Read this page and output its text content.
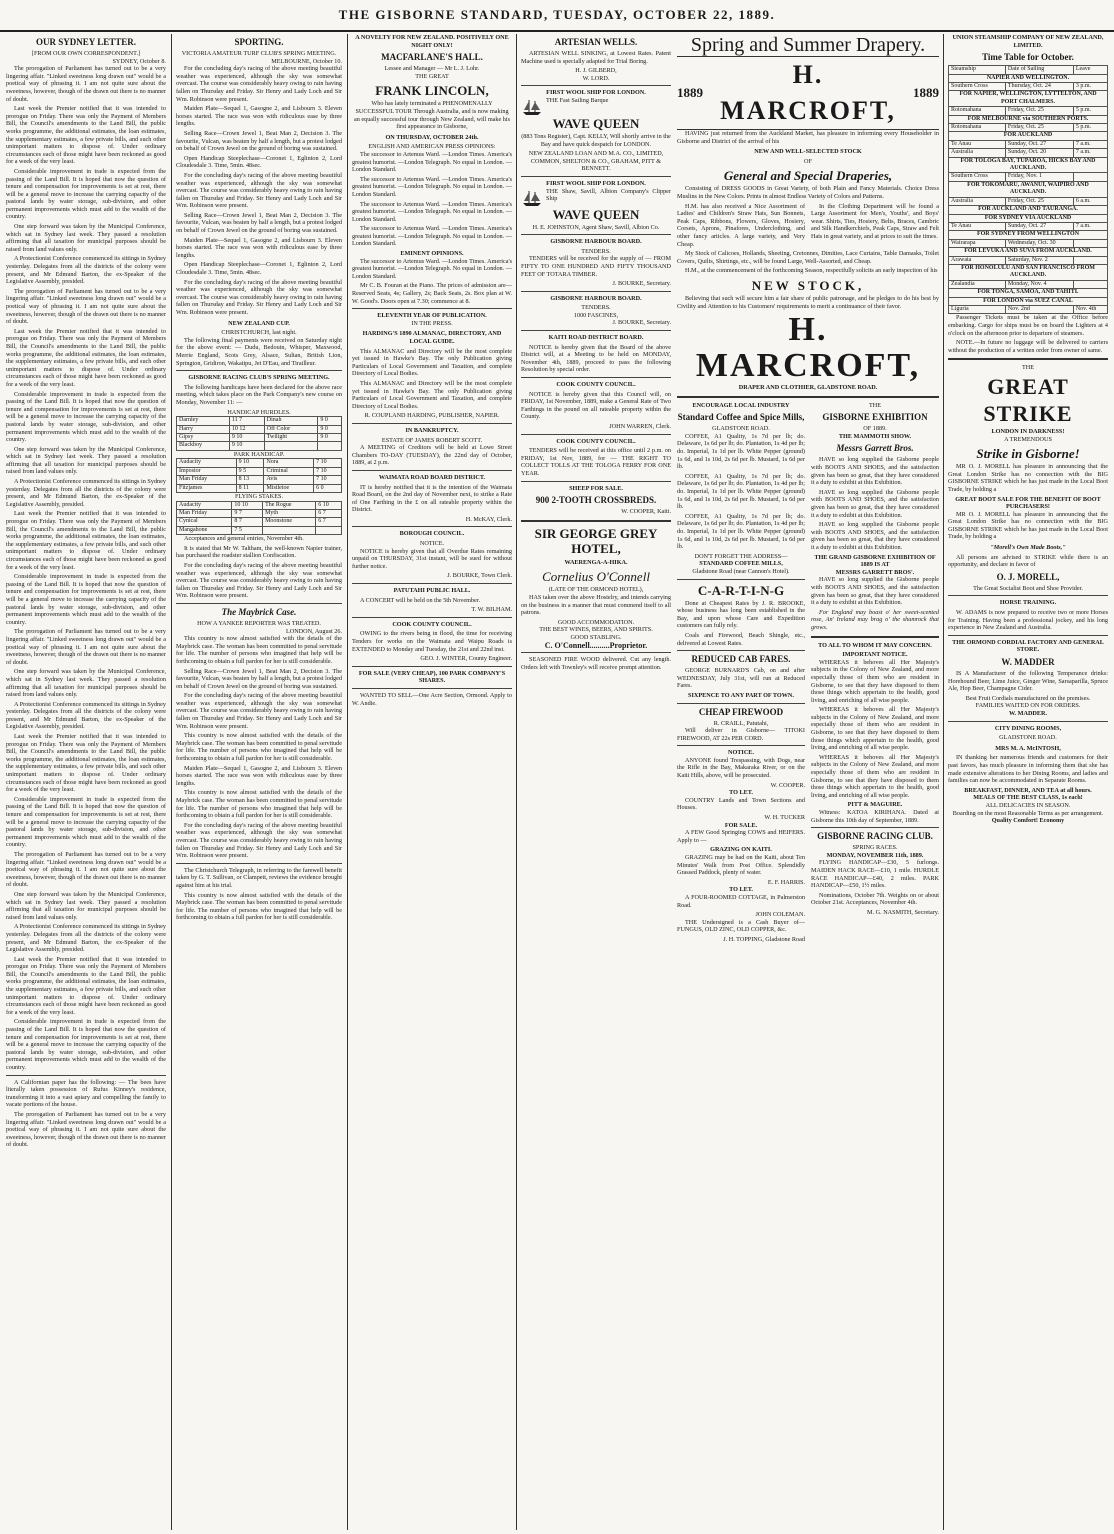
THE GISBORNE STANDARD, TUESDAY, OCTOBER 22, 1889.
OUR SYDNEY LETTER.
[FROM OUR OWN CORRESPONDENT.]
SYDNEY, October 8.

The prorogation of Parliament has turned out to be a very lingering affair. "Linked sweetness long drawn out" would be a poetical way of phrasing it. I am not quite sure about the sweetness, however, though of the drawn out there is no manner of doubt.

Last week the Premier notified that it was intended to prorogue on Friday. There was only the Payment of Members Bill, the Council's amendments to the Land Bill, the public works programme, the additional estimates, the loan estimates, the supplementary estimates, a few private bills, and such other unimportant matters to dispose of. Under ordinary circumstances each of those might have been reckoned as good for a week of the very least.

Considerable improvement in trade is expected from the passing of the Land Bill. It is hoped that now the question of tenure and compensation for improvements is set at rest, there will be a general move to increase the carrying capacity of the pastoral lands by water storage, sub-division, and other permanent improvements which must add to the wealth of the country.

One step forward was taken by the Municipal Conference, which sat in Sydney last week. They passed a resolution affirming that all taxation for municipal purposes should be raised from land values only.

A Protectionist Conference commenced its sittings in Sydney yesterday. Delegates from all the districts of the colony were present, and Mr Edmund Barton, the ex-Speaker of the Legislative Assembly, presided.

The prorogation of Parliament has turned out to be a very lingering affair. "Linked sweetness long drawn out" would be a poetical way of phrasing it. I am not quite sure about the sweetness, however, though of the drawn out there is no manner of doubt.

Last week the Premier notified that it was intended to prorogue on Friday. There was only the Payment of Members Bill, the Council's amendments to the Land Bill, the public works programme, the additional estimates, the loan estimates, the supplementary estimates, a few private bills, and such other unimportant matters to dispose of. Under ordinary circumstances each of those might have been reckoned as good for a week of the very least.

Considerable improvement in trade is expected from the passing of the Land Bill. It is hoped that now the question of tenure and compensation for improvements is set at rest, there will be a general move to increase the carrying capacity of the pastoral lands by water storage, sub-division, and other permanent improvements which must add to the wealth of the country.

One step forward was taken by the Municipal Conference, which sat in Sydney last week. They passed a resolution affirming that all taxation for municipal purposes should be raised from land values only.

A Protectionist Conference commenced its sittings in Sydney yesterday. Delegates from all the districts of the colony were present, and Mr Edmund Barton, the ex-Speaker of the Legislative Assembly, presided.

Last week the Premier notified that it was intended to prorogue on Friday. There was only the Payment of Members Bill, the Council's amendments to the Land Bill, the public works programme, the additional estimates, the loan estimates, the supplementary estimates, a few private bills, and such other unimportant matters to dispose of. Under ordinary circumstances each of those might have been reckoned as good for a week of the very least.

Considerable improvement in trade is expected from the passing of the Land Bill. It is hoped that now the question of tenure and compensation for improvements is set at rest, there will be a general move to increase the carrying capacity of the pastoral lands by water storage, sub-division, and other permanent improvements which must add to the wealth of the country.

The prorogation of Parliament has turned out to be a very lingering affair. "Linked sweetness long drawn out" would be a poetical way of phrasing it. I am not quite sure about the sweetness, however, though of the drawn out there is no manner of doubt.

One step forward was taken by the Municipal Conference, which sat in Sydney last week. They passed a resolution affirming that all taxation for municipal purposes should be raised from land values only.

A Protectionist Conference commenced its sittings in Sydney yesterday. Delegates from all the districts of the colony were present, and Mr Edmund Barton, the ex-Speaker of the Legislative Assembly, presided.

Last week the Premier notified that it was intended to prorogue on Friday. There was only the Payment of Members Bill, the Council's amendments to the Land Bill, the public works programme, the additional estimates, the loan estimates, the supplementary estimates, a few private bills, and such other unimportant matters to dispose of. Under ordinary circumstances each of those might have been reckoned as good for a week of the very least.

Considerable improvement in trade is expected from the passing of the Land Bill. It is hoped that now the question of tenure and compensation for improvements is set at rest, there will be a general move to increase the carrying capacity of the pastoral lands by water storage, sub-division, and other permanent improvements which must add to the wealth of the country.

The prorogation of Parliament has turned out to be a very lingering affair. "Linked sweetness long drawn out" would be a poetical way of phrasing it. I am not quite sure about the sweetness, however, though of the drawn out there is no manner of doubt.

One step forward was taken by the Municipal Conference, which sat in Sydney last week. They passed a resolution affirming that all taxation for municipal purposes should be raised from land values only.

A Protectionist Conference commenced its sittings in Sydney yesterday. Delegates from all the districts of the colony were present, and Mr Edmund Barton, the ex-Speaker of the Legislative Assembly, presided.

Last week the Premier notified that it was intended to prorogue on Friday. There was only the Payment of Members Bill, the Council's amendments to the Land Bill, the public works programme, the additional estimates, the loan estimates, the supplementary estimates, a few private bills, and such other unimportant matters to dispose of. Under ordinary circumstances each of those might have been reckoned as good for a week of the very least.

Considerable improvement in trade is expected from the passing of the Land Bill. It is hoped that now the question of tenure and compensation for improvements is set at rest, there will be a general move to increase the carrying capacity of the pastoral lands by water storage, sub-division, and other permanent improvements which must add to the wealth of the country.

A Californian paper has the following: — The bees have literally taken possession of Rufus Kinney's residence, transforming it into a vast apiary and compelling the family to vacate portions of the house.

The prorogation of Parliament has turned out to be a very lingering affair. "Linked sweetness long drawn out" would be a poetical way of phrasing it. I am not quite sure about the sweetness, however, though of the drawn out there is no manner of doubt.

SPORTING.
VICTORIA AMATEUR TURF CLUB'S SPRING MEETING.
MELBOURNE, October 10.

For the concluding day's racing of the above meeting beautiful weather was experienced, although the sky was somewhat overcast. The course was considerably heavy owing to rain having fallen on Thursday and Friday. Sir Henry and Lady Loch and Sir Wm. Robinson were present.

Maiden Plate—Sequel 1, Gasogne 2, and Lisbourn 3. Eleven horses started. The race was won with ridiculous ease by three lengths.

Selling Race—Crown Jewel 1, Beat Man 2, Decision 3. The favourite, Vulcan, was beaten by half a length, but a protest lodged on behalf of Crown Jewel on the ground of boring was sustained.

Open Handicap Steeplechase—Coronet 1, Eglinton 2, Lord Cloudesdale 3. Time, 5min. 48sec.

For the concluding day's racing of the above meeting beautiful weather was experienced, although the sky was somewhat overcast. The course was considerably heavy owing to rain having fallen on Thursday and Friday. Sir Henry and Lady Loch and Sir Wm. Robinson were present.

Selling Race—Crown Jewel 1, Beat Man 2, Decision 3. The favourite, Vulcan, was beaten by half a length, but a protest lodged on behalf of Crown Jewel on the ground of boring was sustained.

Maiden Plate—Sequel 1, Gasogne 2, and Lisbourn 3. Eleven horses started. The race was won with ridiculous ease by three lengths.

Open Handicap Steeplechase—Coronet 1, Eglinton 2, Lord Cloudesdale 3. Time, 5min. 48sec.

For the concluding day's racing of the above meeting beautiful weather was experienced, although the sky was somewhat overcast. The course was considerably heavy owing to rain having fallen on Thursday and Friday. Sir Henry and Lady Loch and Sir Wm. Robinson were present.

NEW ZEALAND CUP.
CHRISTCHURCH, last night.

The following final payments were received on Saturday night for the above event: — Dudu, Bedouin, Whisper, Maxwood, Merrie England, Scots Grey, Alsace, Sultan, British Lion, Springton, Gridiron, Wakatipu, Jet D'Eau, and Tirailleur.

GISBORNE RACING CLUB'S SPRING MEETING.

The following handicaps have been declared for the above race meeting, which takes place on the Park Company's new course on Monday, November 11: —

HANDICAP HURDLES.
Darnley	11 7	Dinah	9 0
Harry	10 12	Off Color	9 0
Gipsy	9 10	Twilight	9 0
Blackboy	9 10		
PARK HANDICAP.
Audacity	9 10	Nora	7 10
Impostor	9 5	Criminal	7 10
Man Friday	8 13	Avis	7 10
Fitzjames	8 11	Mistletoe	6 0
FLYING STAKES.
Audacity	10 10	The Rogue	6 10
Man Friday	9 7	Myth	6 7
Cynical	8 7	Moonstone	6 7
Mangahone	7 5		

Acceptances and general entries, November 4th.

It is stated that Mr W. Taltham, the well-known Napier trainer, has purchased the roadster stallion Confiscation.

For the concluding day's racing of the above meeting beautiful weather was experienced, although the sky was somewhat overcast. The course was considerably heavy owing to rain having fallen on Thursday and Friday. Sir Henry and Lady Loch and Sir Wm. Robinson were present.

The Maybrick Case.
HOW A YANKEE REPORTER WAS TREATED.
LONDON, August 26.

This country is now almost satisfied with the details of the Maybrick case. The woman has been committed to penal servitude for life. The number of persons who imagined that help will be forthcoming to obtain a full pardon for her is still considerable.

Selling Race—Crown Jewel 1, Beat Man 2, Decision 3. The favourite, Vulcan, was beaten by half a length, but a protest lodged on behalf of Crown Jewel on the ground of boring was sustained.

For the concluding day's racing of the above meeting beautiful weather was experienced, although the sky was somewhat overcast. The course was considerably heavy owing to rain having fallen on Thursday and Friday. Sir Henry and Lady Loch and Sir Wm. Robinson were present.

This country is now almost satisfied with the details of the Maybrick case. The woman has been committed to penal servitude for life. The number of persons who imagined that help will be forthcoming to obtain a full pardon for her is still considerable.

Maiden Plate—Sequel 1, Gasogne 2, and Lisbourn 3. Eleven horses started. The race was won with ridiculous ease by three lengths.

This country is now almost satisfied with the details of the Maybrick case. The woman has been committed to penal servitude for life. The number of persons who imagined that help will be forthcoming to obtain a full pardon for her is still considerable.

For the concluding day's racing of the above meeting beautiful weather was experienced, although the sky was somewhat overcast. The course was considerably heavy owing to rain having fallen on Thursday and Friday. Sir Henry and Lady Loch and Sir Wm. Robinson were present.

The Christchurch Telegraph, in referring to the farewell benefit taken by G. T. Sullivan, or Clampett, reviews the evidence brought against him at his trial.

This country is now almost satisfied with the details of the Maybrick case. The woman has been committed to penal servitude for life. The number of persons who imagined that help will be forthcoming to obtain a full pardon for her is still considerable.

A NOVELTY FOR NEW ZEALAND. POSITIVELY ONE NIGHT ONLY!
MACFARLANE'S HALL.
Lessee and Manager — Mr L. J. Lohr.
THE GREAT
FRANK LINCOLN,

Who has lately terminated a PHENOMENALLY SUCCESSFUL TOUR Through Australia, and is now making an equally successful tour through New Zealand, will make his first appearance in Gisborne,

ON THURSDAY, OCTOBER 24th.
ENGLISH AND AMERICAN PRESS OPINIONS:

The successor to Artemus Ward. —London Times. America's greatest humorist. —London Telegraph. No equal in London. —London Standard.

The successor to Artemus Ward. —London Times. America's greatest humorist. —London Telegraph. No equal in London. —London Standard.

The successor to Artemus Ward. —London Times. America's greatest humorist. —London Telegraph. No equal in London. —London Standard.

The successor to Artemus Ward. —London Times. America's greatest humorist. —London Telegraph. No equal in London. —London Standard.

EMINENT OPINIONS.

The successor to Artemus Ward. —London Times. America's greatest humorist. —London Telegraph. No equal in London. —London Standard.

Mr C. B. Fouran at the Piano. The prices of admission are—Reserved Seats, 4s; Gallery, 2s; Back Seats, 2s. Box plan at W. W. Good's. Doors open at 7.30; commence at 8.

ELEVENTH YEAR OF PUBLICATION.
IN THE PRESS.
HARDING'S 1890 ALMANAC, DIRECTORY, AND LOCAL GUIDE.

This ALMANAC and Directory will be the most complete yet issued in Hawke's Bay. The only Publication giving Particulars of Local Government and Taxation, and complete Directory of Local Bodies.

This ALMANAC and Directory will be the most complete yet issued in Hawke's Bay. The only Publication giving Particulars of Local Government and Taxation, and complete Directory of Local Bodies.

R. COUPLAND HARDING, PUBLISHER, NAPIER.
IN BANKRUPTCY.
ESTATE OF JAMES ROBERT SCOTT.

A MEETING of Creditors will be held at Lowe Street Chambers TO-DAY (TUESDAY), the 22nd day of October, 1889, at 2 p.m.

WAIMATA ROAD BOARD DISTRICT.

IT is hereby notified that it is the intention of the Waimata Road Board, on the 2nd day of November next, to strike a Rate of One Farthing in the £ on all rateable property within the District.

H. McKAY, Clerk.
BOROUGH COUNCIL.
NOTICE.

NOTICE is hereby given that all Overdue Rates remaining unpaid on THURSDAY, 31st instant, will be sued for without further notice.

J. BOURKE, Town Clerk.
PATUTAHI PUBLIC HALL.

A CONCERT will be held on the 5th November.

T. W. BILHAM.
COOK COUNTY COUNCIL.

OWING to the rivers being in flood, the time for receiving Tenders for works on the Waimata and Waipu Roads is EXTENDED to Monday and Tuesday, the 21st and 22nd inst.

GEO. J. WINTER, County Engineer.
FOR SALE (VERY CHEAP), 100 PARK COMPANY'S SHARES.

WANTED TO SELL—One Acre Section, Ormond. Apply to W. Andie.

ARTESIAN WELLS.

ARTESIAN WELL SINKING, at Lowest Rates. Patent Machine used is specially adapted for Trial Boring.

H. J. GILBERD,
W. LORD.
FIRST WOOL SHIP FOR LONDON.
THE Fast Sailing Barque
WAVE QUEEN

(883 Tons Register), Capt. KELLY, Will shortly arrive in the Bay and have quick despatch for LONDON.

NEW ZEALAND LOAN AND M.A. CO., LIMITED, COMMON, SHELTON & CO., GRAHAM, PITT & BENNETT.
FIRST WOOL SHIP FOR LONDON.
THE Shaw, Savill, Albion Company's Clipper Ship
WAVE QUEEN
H. E. JOHNSTON, Agent Shaw, Savill, Albion Co.
GISBORNE HARBOUR BOARD.
TENDERS.

TENDERS will be received for the supply of — FROM FIFTY TO ONE HUNDRED AND FIFTY THOUSAND FEET OF TOTARA TIMBER.

J. BOURKE, Secretary.
GISBORNE HARBOUR BOARD.
TENDERS.
1000 FASCINES,
J. BOURKE, Secretary.
KAITI ROAD DISTRICT BOARD.

NOTICE is hereby given that the Board of the above District will, at a Meeting to be held on MONDAY, November 4th, 1889, proceed to pass the following Resolution by special order.

COOK COUNTY COUNCIL.

NOTICE is hereby given that this Council will, on FRIDAY, 1st November, 1889, make a General Rate of Two Farthings in the pound on all rateable property within the County.

JOHN WARREN, Clerk.
COOK COUNTY COUNCIL.

TENDERS will be received at this office until 2 p.m. on FRIDAY, 1st Nov, 1889, for — THE RIGHT TO COLLECT TOLLS AT THE TOLOGA FERRY FOR ONE YEAR.

SHEEP FOR SALE.
900 2-TOOTH CROSSBREDS.
W. COOPER, Kaiti.
SIR GEORGE GREY HOTEL,
WAERENGA-A-HIKA.
Cornelius O'Connell
(LATE OF THE ORMOND HOTEL),

HAS taken over the above Hostelry, and intends carrying on the business in a manner that must commend itself to all patrons.

GOOD ACCOMMODATION.
THE BEST WINES, BEERS, AND SPIRITS.
GOOD STABLING.
C. O'Connell..........Proprietor.

SEASONED FIRE WOOD delivered. Cut any length. Orders left with Townley's will receive prompt attention.

Spring and Summer Drapery.
1889
H. MARCROFT,
1889

HAVING just returned from the Auckland Market, has pleasure in informing every Householder in Gisborne and District of the arrival of his

NEW AND WELL-SELECTED STOCK
OF
General and Special Draperies,

Consisting of DRESS GOODS in Great Variety, of both Plain and Fancy Materials. Choice Dress Muslins in the New Colors. Prints in almost Endless Variety of Colors and Patterns.

H.M. has also received a Nice Assortment of Ladies' and Children's Straw Hats, Sun Bonnets, Peak Caps, Ribbons, Flowers, Gloves, Hosiery, Corsets, Aprons, Pinafores, Underclothing, and other fancy articles. A large variety, and Very Cheap.

In the Clothing Department will be found a Large Assortment for Men's, Youths', and Boys' wear. Shirts, Ties, Hosiery, Belts, Braces, Cambric and Silk Handkerchiefs, Peak Caps, Straw and Felt Hats in great variety, and at prices to suit the times.

My Stock of Calicoes, Hollands, Sheeting, Cretonnes, Dimities, Lace Curtains, Table Damasks, Toilet Covers, Quilts, Shirtings, etc., will be found Large, Well-Assorted, and Cheap.

H.M., at the commencement of the forthcoming Season, respectfully solicits an early inspection of his

NEW STOCK,

Believing that such will secure him a fair share of public patronage, and he pledges to do his best by Civility and Attention to his Customers' requirements to merit a continuance of their favor.

H. MARCROFT,
DRAPER AND CLOTHIER, GLADSTONE ROAD.
ENCOURAGE LOCAL INDUSTRY
Standard Coffee and Spice Mills,
GLADSTONE ROAD.

COFFEE, A1 Quality, 1s 7d per lb; do. Delaware, 1s 6d per lb; do. Plantation, 1s 4d per lb; do. Imperial, 1s 1d per lb. White Pepper (ground) 1s 6d, and 1s 10d, 2s 6d per lb. Mustard, 1s 6d per lb.

COFFEE, A1 Quality, 1s 7d per lb; do. Delaware, 1s 6d per lb; do. Plantation, 1s 4d per lb; do. Imperial, 1s 1d per lb. White Pepper (ground) 1s 6d, and 1s 10d, 2s 6d per lb. Mustard, 1s 6d per lb.

COFFEE, A1 Quality, 1s 7d per lb; do. Delaware, 1s 6d per lb; do. Plantation, 1s 4d per lb; do. Imperial, 1s 1d per lb. White Pepper (ground) 1s 6d, and 1s 10d, 2s 6d per lb. Mustard, 1s 6d per lb.

DON'T FORGET THE ADDRESS—
STANDARD COFFEE MILLS,
Gladstone Road (near Cannon's Hotel).
C-A-R-T-I-N-G

Done at Cheapest Rates by J. R. BROOKE, whose business has long been established in the Bay, and upon whose Care and Expedition customers can fully rely.

Coals and Firewood, Beach Shingle, etc., delivered at Lowest Rates.

REDUCED CAB FARES.

GEORGE BURNARD'S Cab, on and after WEDNESDAY, July 31st, will run at Reduced Fares.

SIXPENCE TO ANY PART OF TOWN.
CHEAP FIREWOOD
R. CRAILL, Patutahi,

Will deliver in Gisborne— TITOKI FIREWOOD, AT 22s PER CORD.

NOTICE.

ANYONE found Trespassing, with Dogs, near the Rifle in the Bay, Makaraka River, or on the Kaiti Hills, above, will be prosecuted.

W. COOPER.
TO LET.

COUNTRY Lands and Town Sections and Houses.

W. H. TUCKER
FOR SALE.

A FEW Good Springing COWS and HEIFERS. Apply to —

GRAZING ON KAITI.

GRAZING may be had on the Kaiti, about Ten Minutes' Walk from Post Office. Splendidly Grassed Paddock, plenty of water.

E. F. HARRIS.
TO LET.

A FOUR-ROOMED COTTAGE, in Palmerston Road.

JOHN COLEMAN.

THE Undersigned is a Cash Buyer of— FUNGUS, OLD ZINC, OLD COPPER, &c.

J. H. TOPPING, Gladstone Road
THE
GISBORNE EXHIBITION
OF 1889.
THE MAMMOTH SHOW.
Messrs Garrett Bros.

HAVE so long supplied the Gisborne people with BOOTS AND SHOES, and the satisfaction given has been so great, that they have considered it a duty to exhibit at this Exhibition.

HAVE so long supplied the Gisborne people with BOOTS AND SHOES, and the satisfaction given has been so great, that they have considered it a duty to exhibit at this Exhibition.

HAVE so long supplied the Gisborne people with BOOTS AND SHOES, and the satisfaction given has been so great, that they have considered it a duty to exhibit at this Exhibition.

THE GRAND GISBORNE EXHIBITION OF 1889 IS AT
MESSRS GARRETT BROS'.

HAVE so long supplied the Gisborne people with BOOTS AND SHOES, and the satisfaction given has been so great, that they have considered it a duty to exhibit at this Exhibition.

For England may boast o' her sweet-scented rose, An' Ireland may brag o' the shamrock that grows.

TO ALL TO WHOM IT MAY CONCERN.
IMPORTANT NOTICE.

WHEREAS it behoves all Her Majesty's subjects in the Colony of New Zealand, and more especially those of them who are resident in Gisborne, to see that they have disposed to them those things which appertain to the health, good living, and enriching of all wise people.

WHEREAS it behoves all Her Majesty's subjects in the Colony of New Zealand, and more especially those of them who are resident in Gisborne, to see that they have disposed to them those things which appertain to the health, good living, and enriching of all wise people.

WHEREAS it behoves all Her Majesty's subjects in the Colony of New Zealand, and more especially those of them who are resident in Gisborne, to see that they have disposed to them those things which appertain to the health, good living, and enriching of all wise people.

PITT & MAGUIRE.

Witness: KATOA KIRIHANA. Dated at Gisborne this 10th day of September, 1889.

GISBORNE RACING CLUB.
SPRING RACES.
MONDAY, NOVEMBER 11th, 1889.

FLYING HANDICAP—£30, 5 furlongs. MAIDEN HACK RACE—£10, 1 mile. HURDLE RACE HANDICAP—£40, 2 miles. PARK HANDICAP—£50, 1½ miles.

Nominations, October 7th. Weights on or about October 21st. Acceptances, November 4th.

M. G. NASMITH, Secretary.
UNION STEAMSHIP COMPANY OF NEW ZEALAND, LIMITED.
Time Table for October.
Steamship	Date of Sailing	Leave
NAPIER AND WELLINGTON.		
Southern Cross	Thursday, Oct. 24	3 p.m.
FOR NAPIER, WELLINGTON, LYTTELTON, AND PORT CHALMERS.		
Rotomahana	Friday, Oct. 25	5 p.m.
FOR MELBOURNE via SOUTHERN PORTS.		
Rotomahana	Friday, Oct. 25	5 p.m.
FOR AUCKLAND		
Te Anau	Sunday, Oct. 27	7 a.m.
Australia	Sunday, Oct. 20	7 a.m.
FOR TOLOGA BAY, TUPAROA, HICKS BAY AND AUCKLAND.		
Southern Cross	Friday, Nov. 1	
FOR TOKOMARU, AWANUI, WAIPIRO AND AUCKLAND.		
Australia	Friday, Oct. 25	6 a.m.
FOR AUCKLAND AND TAURANGA.		
FOR SYDNEY VIA AUCKLAND		
Te Anau	Sunday, Oct. 27	7 a.m.
FOR SYDNEY FROM WELLINGTON		
Wairarapa	Wednesday, Oct. 30	
FOR LEVUKA AND SUVA FROM AUCKLAND.		
Arawata	Saturday, Nov. 2	
FOR HONOLULU AND SAN FRANCISCO FROM AUCKLAND.		
Zealandia	Monday, Nov. 4	
FOR TONGA, SAMOA, AND TAHITI.		
FOR LONDON via SUEZ CANAL		
Liguria	Nov. 2nd	Nov. 4th

Passenger Tickets must be taken at the Office before embarking. Cargo for ships must be on board the Lighters at 4 o'clock on the afternoon prior to departure of steamers.

NOTE.—In future no luggage will be delivered to carriers without the production of a written order from owner of same.

THE
GREAT
STRIKE
LONDON IN DARKNESS!
A TREMENDOUS
Strike in Gisborne!

MR O. J. MORELL has pleasure in announcing that the Great London Strike has no connection with the BIG GISBORNE STRIKE which he has just made in the Local Boot Trade, by holding a

GREAT BOOT SALE FOR THE BENEFIT OF BOOT PURCHASERS!

MR O. J. MORELL has pleasure in announcing that the Great London Strike has no connection with the BIG GISBORNE STRIKE which he has just made in the Local Boot Trade, by holding a

"Morell's Own Made Boots,"

All persons are advised to STRIKE while there is an opportunity, and declare in favor of

O. J. MORELL,
The Great Socialist Boot and Shoe Provider.
HORSE TRAINING.

W. ADAMS is now prepared to receive two or more Horses for Training. Having been a professional jockey, and his long experience in New Zealand and Australia.

THE ORMOND CORDIAL FACTORY AND GENERAL STORE.
W. MADDER

IS A Manufacturer of the following Temperance drinks: Horehound Beer, Lime Juice, Ginger Wine, Sarsaparilla, Spruce Ale, Hop Beer, Champagne Cider.

Best Fruit Cordials manufactured on the premises.
FAMILIES WAITED ON FOR ORDERS.
W. MADDER.
CITY DINING ROOMS,
GLADSTONE ROAD.
MRS M. A. McINTOSH,

IN thanking her numerous friends and customers for their past favors, has much pleasure in informing them that she has made extensive alterations to her Dining Rooms, and ladies and families can now be accommodated in Separate Rooms.

BREAKFAST, DINNER, AND TEA at all hours.
MEALS OF THE BEST CLASS, 1s each!
ALL DELICACIES IN SEASON.
Boarding on the most Reasonable Terms as per arrangement.
Quality Comfort! Economy
